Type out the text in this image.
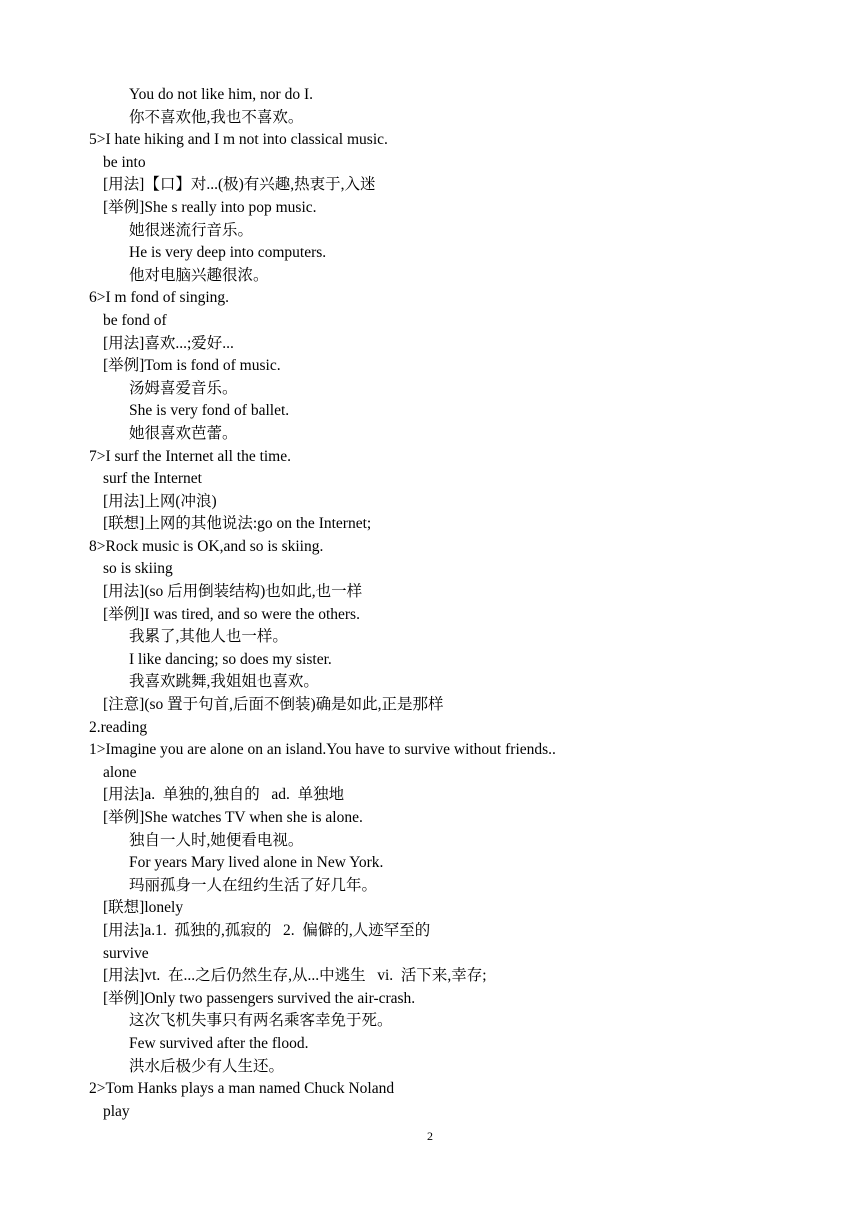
You do not like him, nor do I.
你不喜欢他,我也不喜欢。
5>I hate hiking and I m not into classical music.
be into
[用法]【口】对...(极)有兴趣,热衷于,入迷
[举例]She s really into pop music.
她很迷流行音乐。
He is very deep into computers.
他对电脑兴趣很浓。
6>I m fond of singing.
be fond of
[用法]喜欢...;爱好...
[举例]Tom is fond of music.
汤姆喜爱音乐。
She is very fond of ballet.
她很喜欢芭蕾。
7>I surf the Internet all the time.
surf the Internet
[用法]上网(冲浪)
[联想]上网的其他说法:go on the Internet;
8>Rock music is OK,and so is skiing.
so is skiing
[用法](so 后用倒装结构)也如此,也一样
[举例]I was tired, and so were the others.
我累了,其他人也一样。
I like dancing; so does my sister.
我喜欢跳舞,我姐姐也喜欢。
[注意](so 置于句首,后面不倒装)确是如此,正是那样
2.reading
1>Imagine you are alone on an island.You have to survive without friends..
alone
[用法]a.  单独的,独自的   ad.  单独地
[举例]She watches TV when she is alone.
独自一人时,她便看电视。
For years Mary lived alone in New York.
玛丽孤身一人在纽约生活了好几年。
[联想]lonely
[用法]a.1.  孤独的,孤寂的   2.  偏僻的,人迹罕至的
survive
[用法]vt.  在...之后仍然生存,从...中逃生   vi.  活下来,幸存;
[举例]Only two passengers survived the air-crash.
这次飞机失事只有两名乘客幸免于死。
Few survived after the flood.
洪水后极少有人生还。
2>Tom Hanks plays a man named Chuck Noland
play
2
